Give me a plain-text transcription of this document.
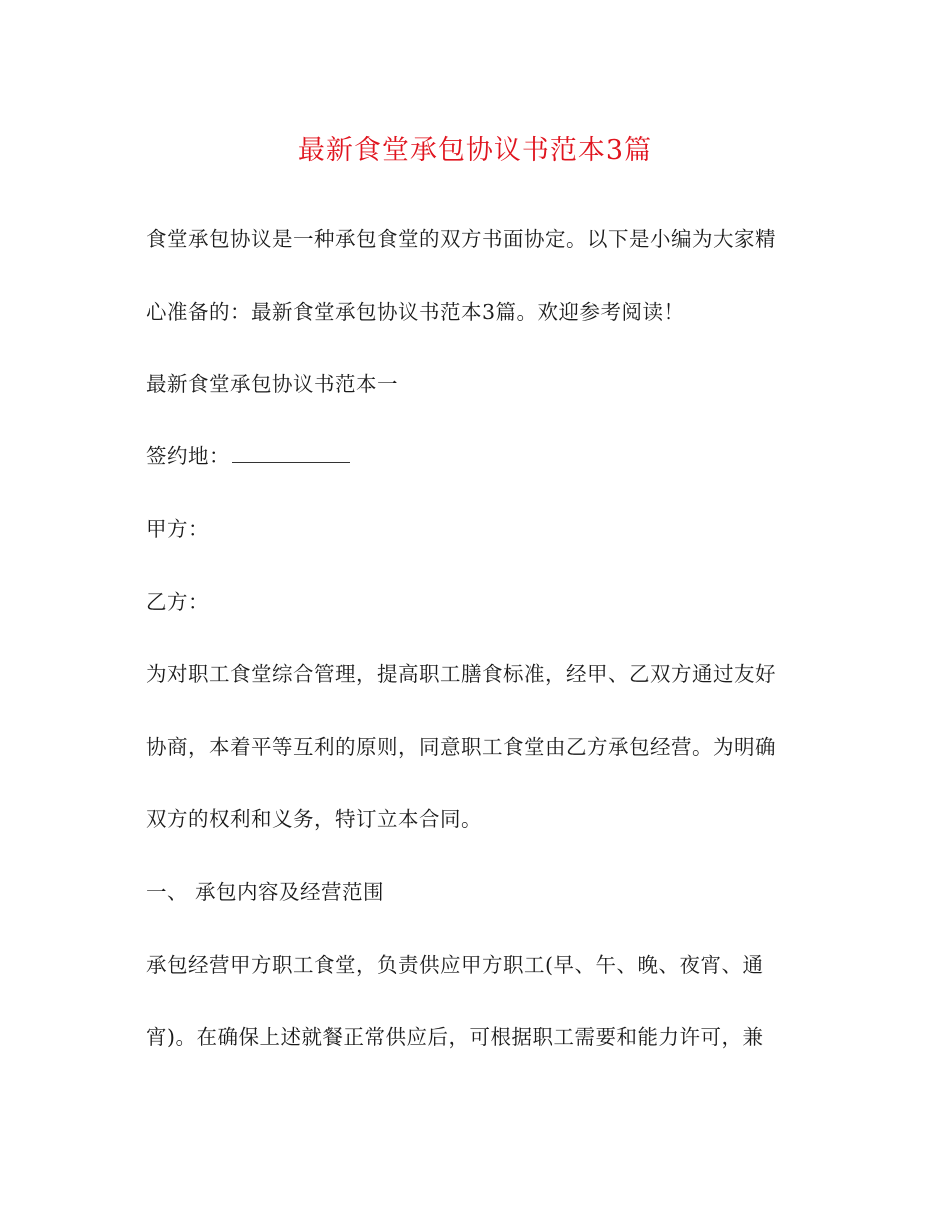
最新食堂承包协议书范本3篇
食堂承包协议是一种承包食堂的双方书面协定。以下是小编为大家精
心准备的：最新食堂承包协议书范本3篇。欢迎参考阅读！
最新食堂承包协议书范本一
签约地：
甲方：
乙方：
为对职工食堂综合管理，提高职工膳食标准，经甲、乙双方通过友好
协商，本着平等互利的原则，同意职工食堂由乙方承包经营。为明确
双方的权利和义务，特订立本合同。
一、 承包内容及经营范围
承包经营甲方职工食堂，负责供应甲方职工(早、午、晚、夜宵、通
宵)。在确保上述就餐正常供应后，可根据职工需要和能力许可，兼
